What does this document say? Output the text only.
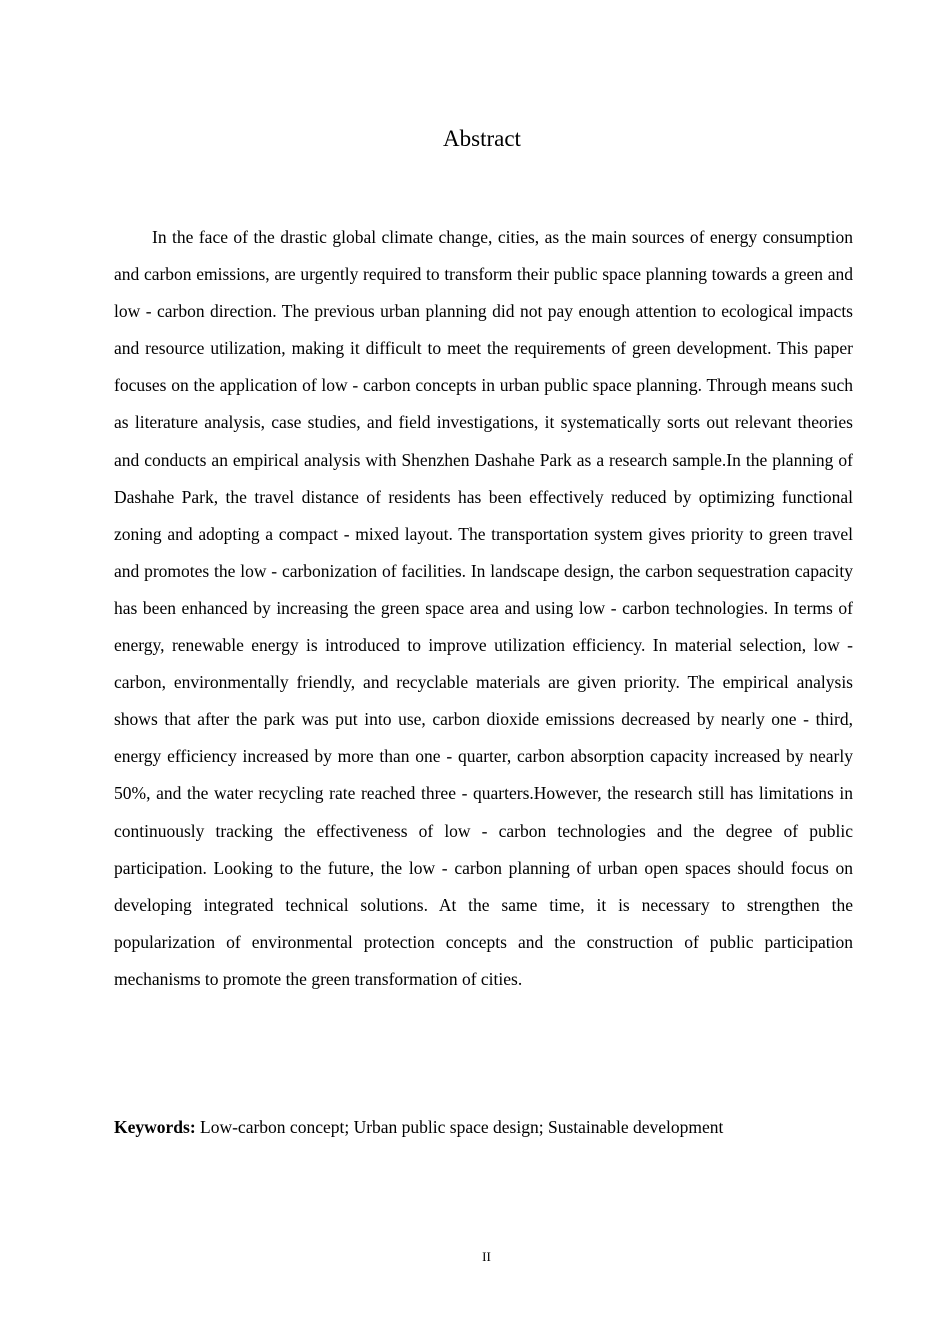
Abstract

In the face of the drastic global climate change, cities, as the main sources of energy consumption and carbon emissions, are urgently required to transform their public space planning towards a green and low - carbon direction. The previous urban planning did not pay enough attention to ecological impacts and resource utilization, making it difficult to meet the requirements of green development. This paper focuses on the application of low - carbon concepts in urban public space planning. Through means such as literature analysis, case studies, and field investigations, it systematically sorts out relevant theories and conducts an empirical analysis with Shenzhen Dashahe Park as a research sample.In the planning of Dashahe Park, the travel distance of residents has been effectively reduced by optimizing functional zoning and adopting a compact - mixed layout. The transportation system gives priority to green travel and promotes the low - carbonization of facilities. In landscape design, the carbon sequestration capacity has been enhanced by increasing the green space area and using low - carbon technologies. In terms of energy, renewable energy is introduced to improve utilization efficiency. In material selection, low - carbon, environmentally friendly, and recyclable materials are given priority. The empirical analysis shows that after the park was put into use, carbon dioxide emissions decreased by nearly one - third, energy efficiency increased by more than one - quarter, carbon absorption capacity increased by nearly 50%, and the water recycling rate reached three - quarters.However, the research still has limitations in continuously tracking the effectiveness of low - carbon technologies and the degree of public participation. Looking to the future, the low - carbon planning of urban open spaces should focus on developing integrated technical solutions. At the same time, it is necessary to strengthen the popularization of environmental protection concepts and the construction of public participation mechanisms to promote the green transformation of cities.

Keywords: Low-carbon concept; Urban public space design; Sustainable development
II
